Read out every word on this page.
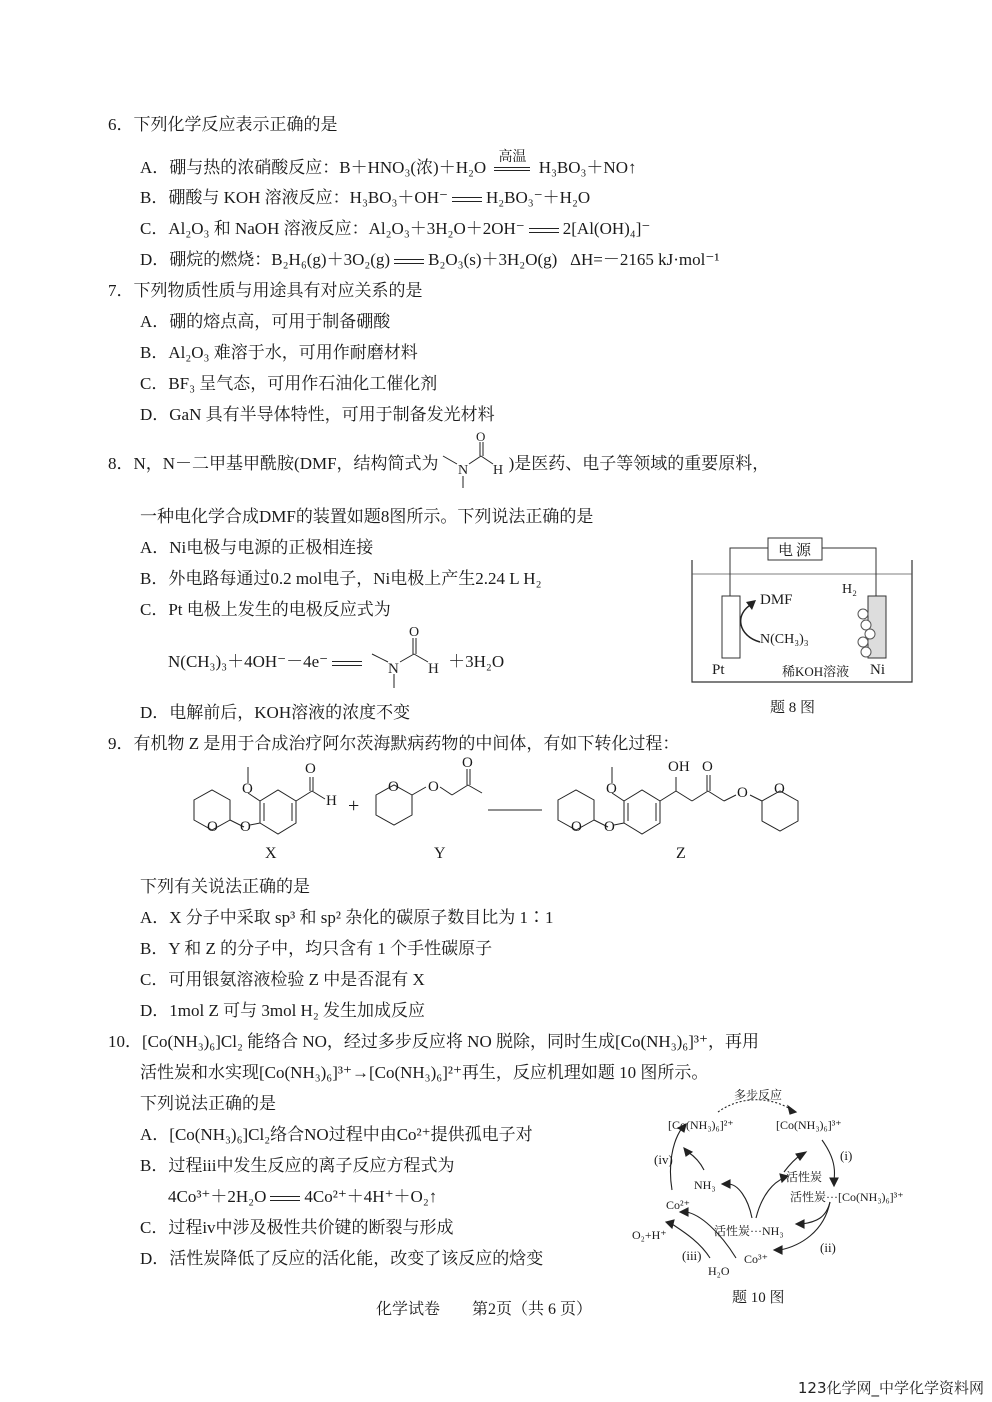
6．下列化学反应表示正确的是
A．硼与热的浓硝酸反应：B＋HNO₃(浓)＋H₂O
高温
H₃BO₃＋NO↑
B．硼酸与 KOH 溶液反应：H₃BO₃＋OH⁻ H₂BO₃⁻＋H₂O
C．Al₂O₃ 和 NaOH 溶液反应：Al₂O₃＋3H₂O＋2OH⁻ 2[Al(OH)₄]⁻
D．硼烷的燃烧：B₂H₆(g)＋3O₂(g) B₂O₃(s)＋3H₂O(g) ΔH=－2165 kJ·mol⁻¹
7．下列物质性质与用途具有对应关系的是
A．硼的熔点高，可用于制备硼酸
B．Al₂O₃ 难溶于水，可用作耐磨材料
C．BF₃ 呈气态，可用作石油化工催化剂
D．GaN 具有半导体特性，可用于制备发光材料
8．N，N－二甲基甲酰胺(DMF，结构简式为
O
N H )是医药、电子等领域的重要原料，
一种电化学合成DMF的装置如题8图所示。下列说法正确的是
A．Ni电极与电源的正极相连接
B．外电路每通过0.2 mol电子，Ni电极上产生2.24 L H₂
C．Pt 电极上发生的电极反应式为
N(CH₃)₃＋4OH⁻－4e⁻
O
N H ＋3H₂O
D．电解前后，KOH溶液的浓度不变
电源
DMF
N(CH₃)₃
H₂
Pt	稀KOH溶液 Ni
题 8 图
9．有机物 Z 是用于合成治疗阿尔茨海默病药物的中间体，有如下转化过程：
O O
O
O
H +
O O
O
O O
O
OH O
O O
X	Y	Z
下列有关说法正确的是
A．X 分子中采取 sp³ 和 sp² 杂化的碳原子数目比为 1∶1
B．Y 和 Z 的分子中，均只含有 1 个手性碳原子
C．可用银氨溶液检验 Z 中是否混有 X
D．1mol Z 可与 3mol H₂ 发生加成反应
10．[Co(NH₃)₆]Cl₂ 能络合 NO，经过多步反应将 NO 脱除，同时生成[Co(NH₃)₆]³⁺，再用
活性炭和水实现[Co(NH₃)₆]³⁺→[Co(NH₃)₆]²⁺再生，反应机理如题 10 图所示。
下列说法正确的是
A．[Co(NH₃)₆]Cl₂络合NO过程中由Co²⁺提供孤电子对
B．过程iii中发生反应的离子反应方程式为
4Co³⁺＋2H₂O 4Co²⁺＋4H⁺＋O₂↑
C．过程iv中涉及极性共价键的断裂与形成
D．活性炭降低了反应的活化能，改变了该反应的焓变
多步反应
[Co(NH₃)₆]²⁺	[Co(NH₃)₆]³⁺
(i)
(iv)
活性炭
NH₃
活性炭···[Co(NH₃)₆]³⁺
Co²⁺
活性炭···NH₃
O₂+H⁺
(ii)
(iii)	Co³⁺
H₂O
题 10 图
化学试卷　　第2页（共 6 页）
123化学网_中学化学资料网
